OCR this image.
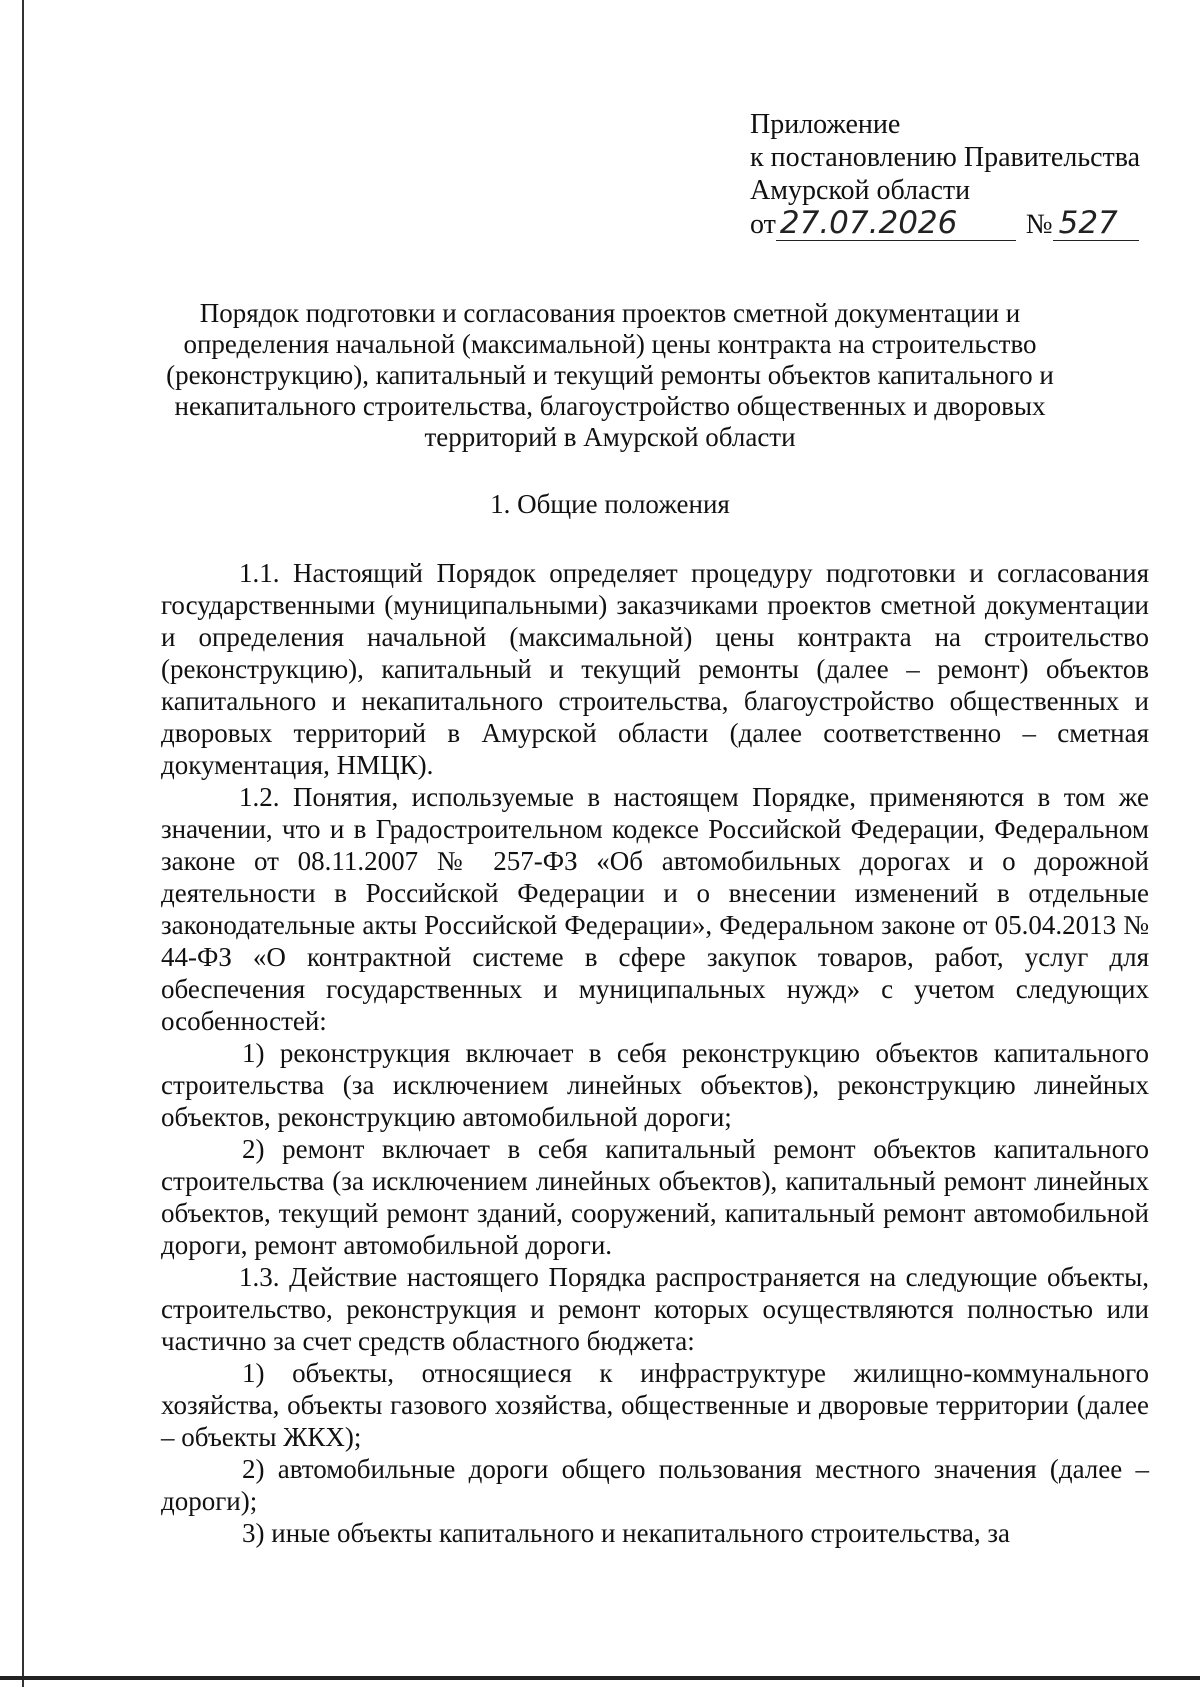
Приложение
к постановлению Правительства
Амурской области
от 27.07.2026	№ 527
Порядок подготовки и согласования проектов сметной документации и определения начальной (максимальной) цены контракта на строительство (реконструкцию), капитальный и текущий ремонты объектов капитального и некапитального строительства, благоустройство общественных и дворовых территорий в Амурской области
1. Общие положения

1.1. Настоящий Порядок определяет процедуру подготовки и согласования государственными (муниципальными) заказчиками проектов сметной документации и определения начальной (максимальной) цены контракта на строительство (реконструкцию), капитальный и текущий ремонты (далее – ремонт) объектов капитального и некапитального строительства, благоустройство общественных и дворовых территорий в Амурской области (далее соответственно – сметная документация, НМЦК).

1.2. Понятия, используемые в настоящем Порядке, применяются в том же значении, что и в Градостроительном кодексе Российской Федерации, Федеральном законе от 08.11.2007 № 257-ФЗ «Об автомобильных дорогах и о дорожной деятельности в Российской Федерации и о внесении изменений в отдельные законодательные акты Российской Федерации», Федеральном законе от 05.04.2013 № 44-ФЗ «О контрактной системе в сфере закупок товаров, работ, услуг для обеспечения государственных и муниципальных нужд» с учетом следующих особенностей:

1) реконструкция включает в себя реконструкцию объектов капитального строительства (за исключением линейных объектов), реконструкцию линейных объектов, реконструкцию автомобильной дороги;

2) ремонт включает в себя капитальный ремонт объектов капитального строительства (за исключением линейных объектов), капитальный ремонт линейных объектов, текущий ремонт зданий, сооружений, капитальный ремонт автомобильной дороги, ремонт автомобильной дороги.

1.3. Действие настоящего Порядка распространяется на следующие объекты, строительство, реконструкция и ремонт которых осуществляются полностью или частично за счет средств областного бюджета:

1) объекты, относящиеся к инфраструктуре жилищно-коммунального хозяйства, объекты газового хозяйства, общественные и дворовые территории (далее – объекты ЖКХ);

2) автомобильные дороги общего пользования местного значения (далее – дороги);

3) иные объекты капитального и некапитального строительства, за
